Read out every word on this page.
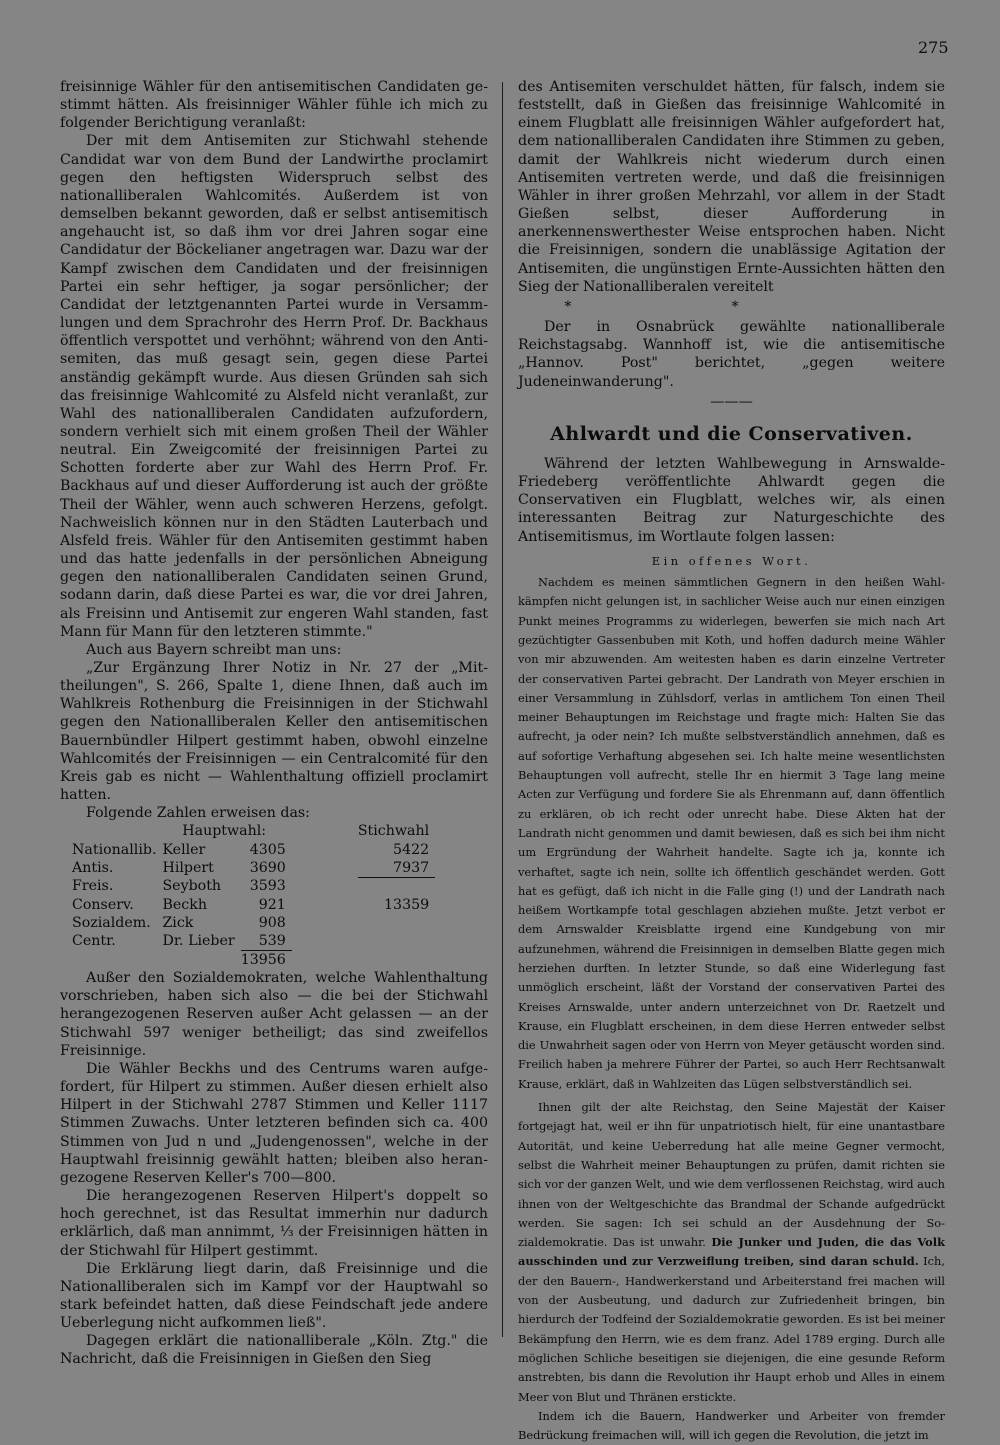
275

freisinnige Wähler für den antisemitischen Candidaten gestimmt hätten. Als freisinniger Wähler fühle ich mich zu folgender Berichtigung veranlaßt:

Der mit dem Antisemiten zur Stichwahl stehende Candidat war von dem Bund der Landwirthe proclamirt gegen den heftigsten Widerspruch selbst des nationalliberalen Wahlcomités. Außerdem ist von demselben bekannt geworden, daß er selbst antisemitisch angehaucht ist, so daß ihm vor drei Jahren sogar eine Candidatur der Böckelianer angetragen war. Dazu war der Kampf zwischen dem Candidaten und der freisinnigen Partei ein sehr heftiger, ja sogar persönlicher; der Candidat der letztgenannten Partei wurde in Versammlungen und dem Sprachrohr des Herrn Prof. Dr. Backhaus öffentlich verspottet und verhöhnt; während von den Antisemiten, das muß gesagt sein, gegen diese Partei anständig gekämpft wurde. Aus diesen Gründen sah sich das freisinnige Wahlcomité zu Alsfeld nicht veranlaßt, zur Wahl des nationalliberalen Candidaten aufzufordern, sondern verhielt sich mit einem großen Theil der Wähler neutral. Ein Zweigcomité der freisinnigen Partei zu Schotten forderte aber zur Wahl des Herrn Prof. Fr. Backhaus auf und dieser Aufforderung ist auch der größte Theil der Wähler, wenn auch schweren Herzens, gefolgt. Nachweislich können nur in den Städten Lauterbach und Alsfeld freis. Wähler für den Antisemiten gestimmt haben und das hatte jedenfalls in der persönlichen Abneigung gegen den nationalliberalen Candidaten seinen Grund, sodann darin, daß diese Partei es war, die vor drei Jahren, als Freisinn und Antisemit zur engeren Wahl standen, fast Mann für Mann für den letzteren stimmte."

Auch aus Bayern schreibt man uns:

„Zur Ergänzung Ihrer Notiz in Nr. 27 der „Mittheilungen", S. 266, Spalte 1, diene Ihnen, daß auch im Wahlkreis Rothenburg die Freisinnigen in der Stichwahl gegen den Nationalliberalen Keller den antisemitischen Bauernbündler Hilpert gestimmt haben, obwohl einzelne Wahlcomités der Freisinnigen — ein Centralcomité für den Kreis gab es nicht — Wahlenthaltung offiziell proclamirt hatten.

Folgende Zahlen erweisen das:

	Hauptwahl:			Stichwahl
Nationallib.	Keller	4305		5422
Antis.	Hilpert	3690		7937
Freis.	Seyboth	3593		
Conserv.	Beckh	921		13359
Sozialdem.	Zick	908		
Centr.	Dr. Lieber	539		
		13956		

Außer den Sozialdemokraten, welche Wahlenthaltung vorschrieben, haben sich also — die bei der Stichwahl herangezogenen Reserven außer Acht gelassen — an der Stichwahl 597 weniger betheiligt; das sind zweifellos Freisinnige.

Die Wähler Beckhs und des Centrums waren aufgefordert, für Hilpert zu stimmen. Außer diesen erhielt also Hilpert in der Stichwahl 2787 Stimmen und Keller 1117 Stimmen Zuwachs. Unter letzteren befinden sich ca. 400 Stimmen von Jud n und „Judengenossen", welche in der Hauptwahl freisinnig gewählt hatten; bleiben also herangezogene Reserven Keller's 700—800.

Die herangezogenen Reserven Hilpert's doppelt so hoch gerechnet, ist das Resultat immerhin nur dadurch erklärlich, daß man annimmt, ⅓ der Freisinnigen hätten in der Stichwahl für Hilpert gestimmt.

Die Erklärung liegt darin, daß Freisinnige und die Nationalliberalen sich im Kampf vor der Hauptwahl so stark befeindet hatten, daß diese Feindschaft jede andere Ueberlegung nicht aufkommen ließ".

Dagegen erklärt die nationalliberale „Köln. Ztg." die Nachricht, daß die Freisinnigen in Gießen den Sieg

des Antisemiten verschuldet hätten, für falsch, indem sie feststellt, daß in Gießen das freisinnige Wahlcomité in einem Flugblatt alle freisinnigen Wähler aufgefordert hat, dem nationalliberalen Candidaten ihre Stimmen zu geben, damit der Wahlkreis nicht wiederum durch einen Antisemiten vertreten werde, und daß die freisinnigen Wähler in ihrer großen Mehrzahl, vor allem in der Stadt Gießen selbst, dieser Aufforderung in anerkennenswerthester Weise entsprochen haben. Nicht die Freisinnigen, sondern die unablässige Agitation der Antisemiten, die ungünstigen Ernte-Aussichten hätten den Sieg der Nationalliberalen vereitelt

**

Der in Osnabrück gewählte nationalliberale Reichstagsabg. Wannhoff ist, wie die antisemitische „Hannov. Post" berichtet, „gegen weitere Judeneinwanderung".

———
Ahlwardt und die Conservativen.

Während der letzten Wahlbewegung in Arnswalde-Friedeberg veröffentlichte Ahlwardt gegen die Conservativen ein Flugblatt, welches wir, als einen interessanten Beitrag zur Naturgeschichte des Antisemitismus, im Wortlaute folgen lassen:

Ein offenes Wort.

Nachdem es meinen sämmtlichen Gegnern in den heißen Wahlkämpfen nicht gelungen ist, in sachlicher Weise auch nur einen einzigen Punkt meines Programms zu widerlegen, bewerfen sie mich nach Art gezüchtigter Gassenbuben mit Koth, und hoffen dadurch meine Wähler von mir abzuwenden. Am weitesten haben es darin einzelne Vertreter der conservativen Partei gebracht. Der Landrath von Meyer erschien in einer Versammlung in Zühlsdorf, verlas in amtlichem Ton einen Theil meiner Behauptungen im Reichstage und fragte mich: Halten Sie das aufrecht, ja oder nein? Ich mußte selbstverständlich annehmen, daß es auf sofortige Verhaftung abgesehen sei. Ich halte meine wesentlichsten Behauptungen voll aufrecht, stelle Ihr en hiermit 3 Tage lang meine Acten zur Verfügung und fordere Sie als Ehrenmann auf, dann öffentlich zu erklären, ob ich recht oder unrecht habe. Diese Akten hat der Landrath nicht genommen und damit bewiesen, daß es sich bei ihm nicht um Ergründung der Wahrheit handelte. Sagte ich ja, konnte ich verhaftet, sagte ich nein, sollte ich öffentlich geschändet werden. Gott hat es gefügt, daß ich nicht in die Falle ging (!) und der Landrath nach heißem Wortkampfe total geschlagen abziehen mußte. Jetzt verbot er dem Arnswalder Kreisblatte irgend eine Kundgebung von mir aufzunehmen, während die Freisinnigen in demselben Blatte gegen mich herziehen durften. In letzter Stunde, so daß eine Widerlegung fast unmöglich erscheint, läßt der Vorstand der conservativen Partei des Kreises Arnswalde, unter andern unterzeichnet von Dr. Raetzelt und Krause, ein Flugblatt erscheinen, in dem diese Herren entweder selbst die Unwahrheit sagen oder von Herrn von Meyer getäuscht worden sind. Freilich haben ja mehrere Führer der Partei, so auch Herr Rechtsanwalt Krause, erklärt, daß in Wahlzeiten das Lügen selbstverständlich sei.

Ihnen gilt der alte Reichstag, den Seine Majestät der Kaiser fortgejagt hat, weil er ihn für unpatriotisch hielt, für eine unantastbare Autorität, und keine Ueberredung hat alle meine Gegner vermocht, selbst die Wahrheit meiner Behauptungen zu prüfen, damit richten sie sich vor der ganzen Welt, und wie dem verflossenen Reichstag, wird auch ihnen von der Weltgeschichte das Brandmal der Schande aufgedrückt werden. Sie sagen: Ich sei schuld an der Ausdehnung der Sozialdemokratie. Das ist unwahr. Die Junker und Juden, die das Volk ausschinden und zur Verzweiflung treiben, sind daran schuld. Ich, der den Bauern-, Handwerkerstand und Arbeiterstand frei machen will von der Ausbeutung, und dadurch zur Zufriedenheit bringen, bin hierdurch der Todfeind der Sozialdemokratie geworden. Es ist bei meiner Bekämpfung den Herrn, wie es dem franz. Adel 1789 erging. Durch alle möglichen Schliche beseitigen sie diejenigen, die eine gesunde Reform anstrebten, bis dann die Revolution ihr Haupt erhob und Alles in einem Meer von Blut und Thränen erstickte.

Indem ich die Bauern, Handwerker und Arbeiter von fremder Bedrückung freimachen will, will ich gegen die Revolution, die jetzt im
